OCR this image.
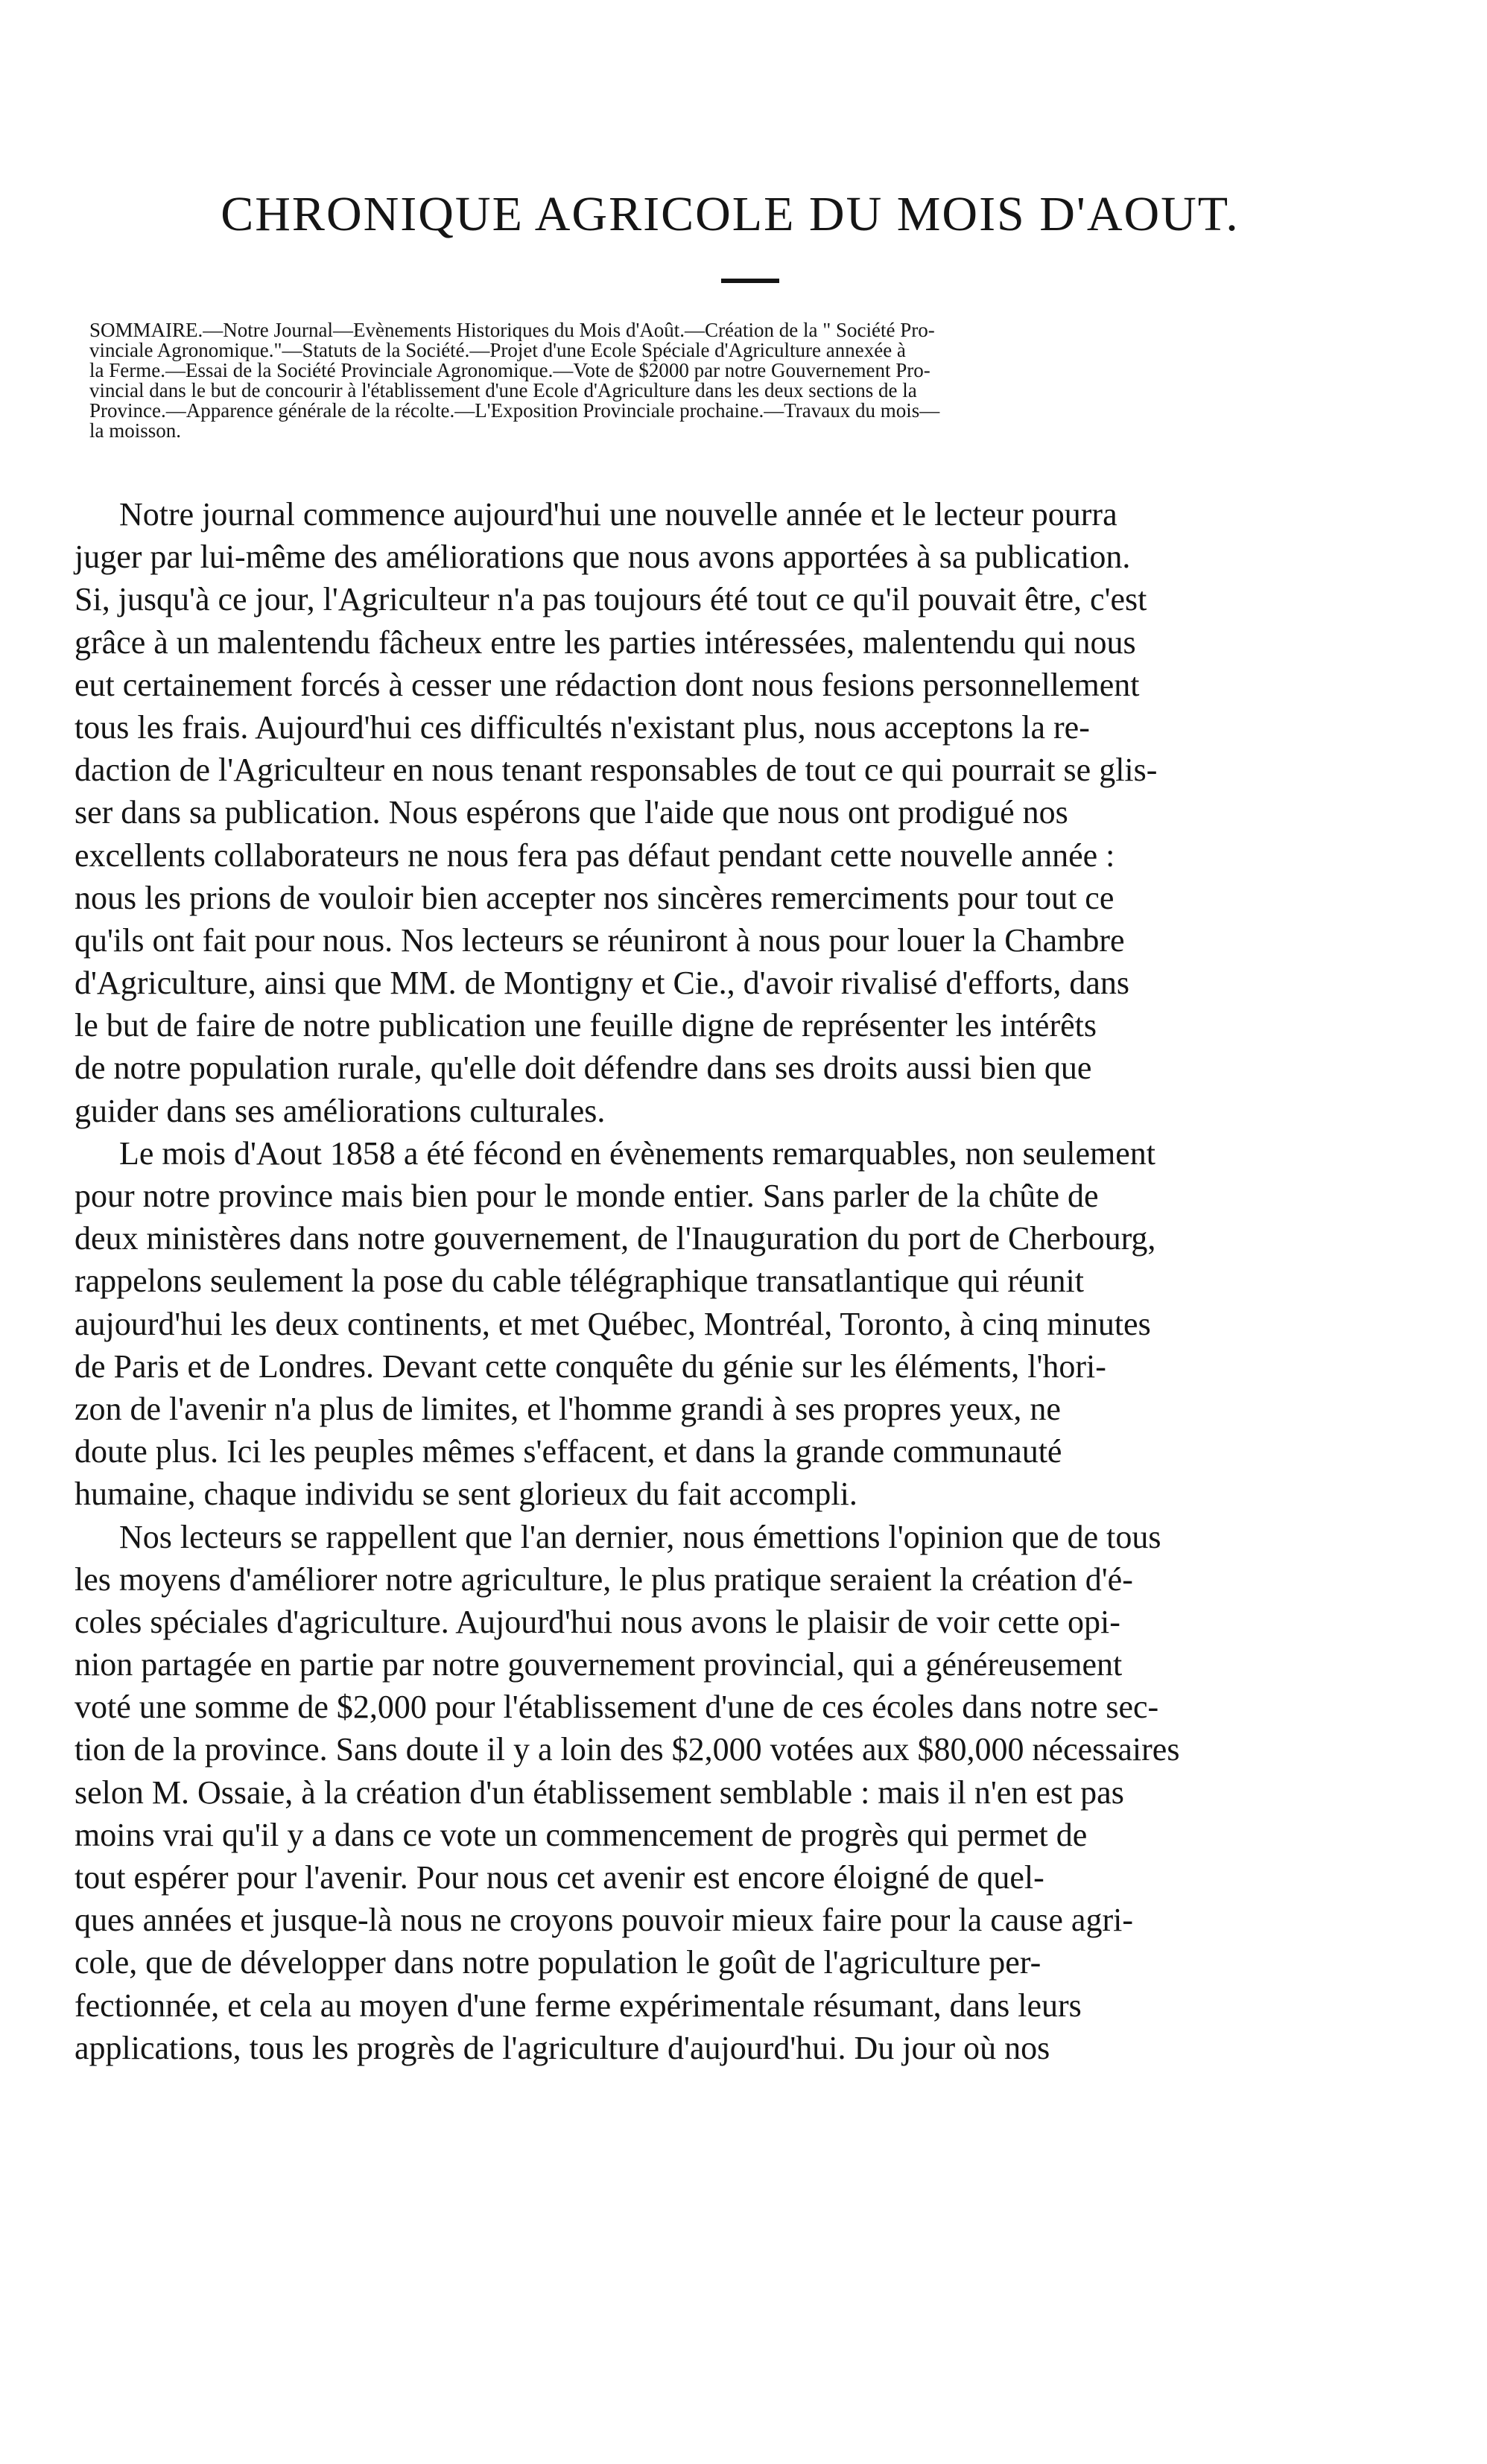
CHRONIQUE AGRICOLE DU MOIS D'AOUT.
SOMMAIRE.—Notre Journal—Evènements Historiques du Mois d'Août.—Création de la " Société Pro-
vinciale Agronomique."—Statuts de la Société.—Projet d'une Ecole Spéciale d'Agriculture annexée à
la Ferme.—Essai de la Société Provinciale Agronomique.—Vote de $2000 par notre Gouvernement Pro-
vincial dans le but de concourir à l'établissement d'une Ecole d'Agriculture dans les deux sections de la
Province.—Apparence générale de la récolte.—L'Exposition Provinciale prochaine.—Travaux du mois—
la moisson.
Notre journal commence aujourd'hui une nouvelle année et le lecteur pourra
juger par lui-même des améliorations que nous avons apportées à sa publication.
Si, jusqu'à ce jour, l'Agriculteur n'a pas toujours été tout ce qu'il pouvait être, c'est
grâce à un malentendu fâcheux entre les parties intéressées, malentendu qui nous
eut certainement forcés à cesser une rédaction dont nous fesions personnellement
tous les frais. Aujourd'hui ces difficultés n'existant plus, nous acceptons la re-
daction de l'Agriculteur en nous tenant responsables de tout ce qui pourrait se glis-
ser dans sa publication. Nous espérons que l'aide que nous ont prodigué nos
excellents collaborateurs ne nous fera pas défaut pendant cette nouvelle année :
nous les prions de vouloir bien accepter nos sincères remerciments pour tout ce
qu'ils ont fait pour nous. Nos lecteurs se réuniront à nous pour louer la Chambre
d'Agriculture, ainsi que MM. de Montigny et Cie., d'avoir rivalisé d'efforts, dans
le but de faire de notre publication une feuille digne de représenter les intérêts
de notre population rurale, qu'elle doit défendre dans ses droits aussi bien que
guider dans ses améliorations culturales.
Le mois d'Aout 1858 a été fécond en évènements remarquables, non seulement
pour notre province mais bien pour le monde entier. Sans parler de la chûte de
deux ministères dans notre gouvernement, de l'Inauguration du port de Cherbourg,
rappelons seulement la pose du cable télégraphique transatlantique qui réunit
aujourd'hui les deux continents, et met Québec, Montréal, Toronto, à cinq minutes
de Paris et de Londres. Devant cette conquête du génie sur les éléments, l'hori-
zon de l'avenir n'a plus de limites, et l'homme grandi à ses propres yeux, ne
doute plus. Ici les peuples mêmes s'effacent, et dans la grande communauté
humaine, chaque individu se sent glorieux du fait accompli.
Nos lecteurs se rappellent que l'an dernier, nous émettions l'opinion que de tous
les moyens d'améliorer notre agriculture, le plus pratique seraient la création d'é-
coles spéciales d'agriculture. Aujourd'hui nous avons le plaisir de voir cette opi-
nion partagée en partie par notre gouvernement provincial, qui a généreusement
voté une somme de $2,000 pour l'établissement d'une de ces écoles dans notre sec-
tion de la province. Sans doute il y a loin des $2,000 votées aux $80,000 nécessaires
selon M. Ossaie, à la création d'un établissement semblable : mais il n'en est pas
moins vrai qu'il y a dans ce vote un commencement de progrès qui permet de
tout espérer pour l'avenir. Pour nous cet avenir est encore éloigné de quel-
ques années et jusque-là nous ne croyons pouvoir mieux faire pour la cause agri-
cole, que de développer dans notre population le goût de l'agriculture per-
fectionnée, et cela au moyen d'une ferme expérimentale résumant, dans leurs
applications, tous les progrès de l'agriculture d'aujourd'hui. Du jour où nos
